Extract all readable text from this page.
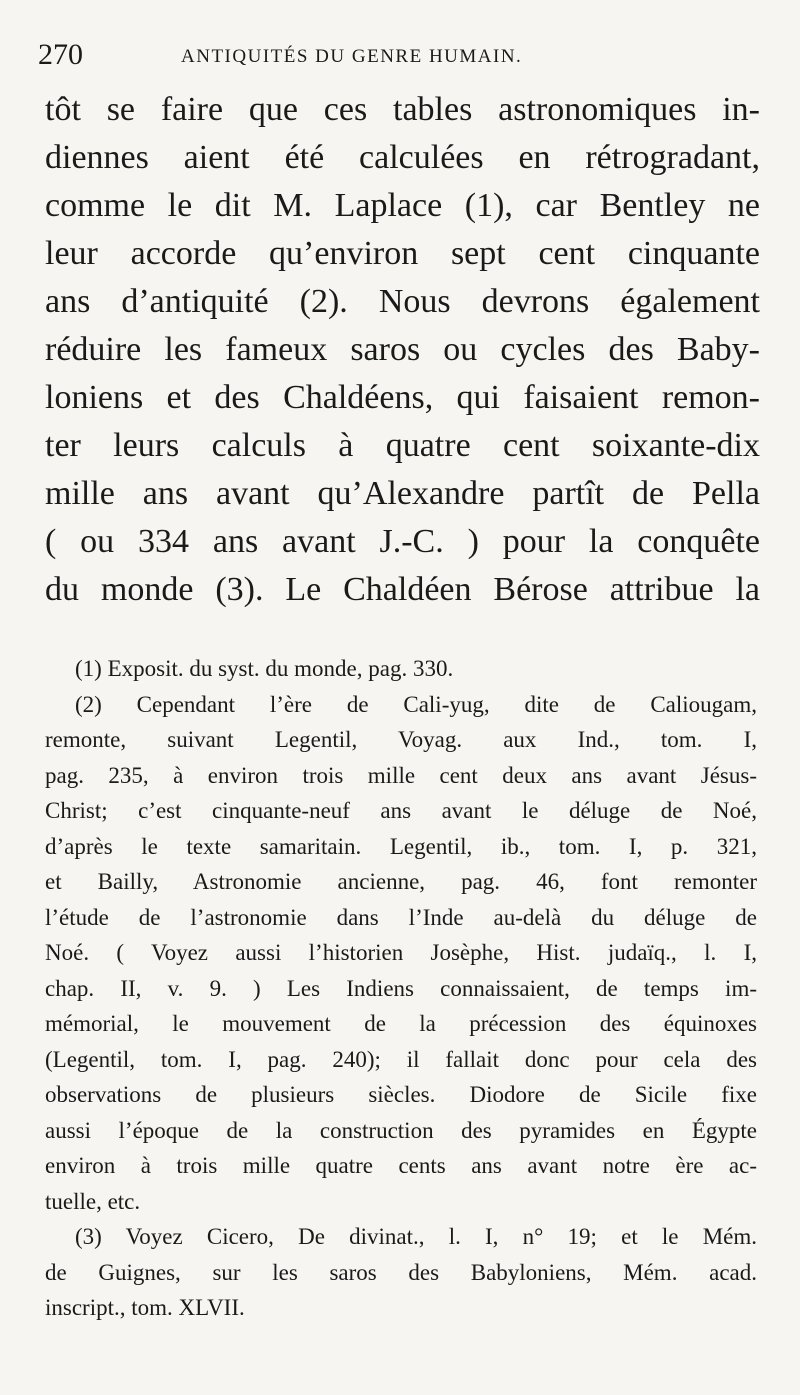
270	ANTIQUITÉS DU GENRE HUMAIN.
tôt se faire que ces tables astronomiques in-
diennes aient été calculées en rétrogradant,
comme le dit M. Laplace (1), car Bentley ne
leur accorde qu’environ sept cent cinquante
ans d’antiquité (2). Nous devrons également
réduire les fameux saros ou cycles des Baby-
loniens et des Chaldéens, qui faisaient remon-
ter leurs calculs à quatre cent soixante-dix
mille ans avant qu’Alexandre partît de Pella
( ou 334 ans avant J.-C. ) pour la conquête
du monde (3). Le Chaldéen Bérose attribue la
(1) Exposit. du syst. du monde, pag. 330.
(2) Cependant l’ère de Cali-yug, dite de Caliougam,
remonte, suivant Legentil, Voyag. aux Ind., tom. I,
pag. 235, à environ trois mille cent deux ans avant Jésus-
Christ; c’est cinquante-neuf ans avant le déluge de Noé,
d’après le texte samaritain. Legentil, ib., tom. I, p. 321,
et Bailly, Astronomie ancienne, pag. 46, font remonter
l’étude de l’astronomie dans l’Inde au-delà du déluge de
Noé. ( Voyez aussi l’historien Josèphe, Hist. judaïq., l. I,
chap. II, v. 9. ) Les Indiens connaissaient, de temps im-
mémorial, le mouvement de la précession des équinoxes
(Legentil, tom. I, pag. 240); il fallait donc pour cela des
observations de plusieurs siècles. Diodore de Sicile fixe
aussi l’époque de la construction des pyramides en Égypte
environ à trois mille quatre cents ans avant notre ère ac-
tuelle, etc.
(3) Voyez Cicero, De divinat., l. I, n° 19; et le Mém.
de Guignes, sur les saros des Babyloniens, Mém. acad.
inscript., tom. XLVII.
